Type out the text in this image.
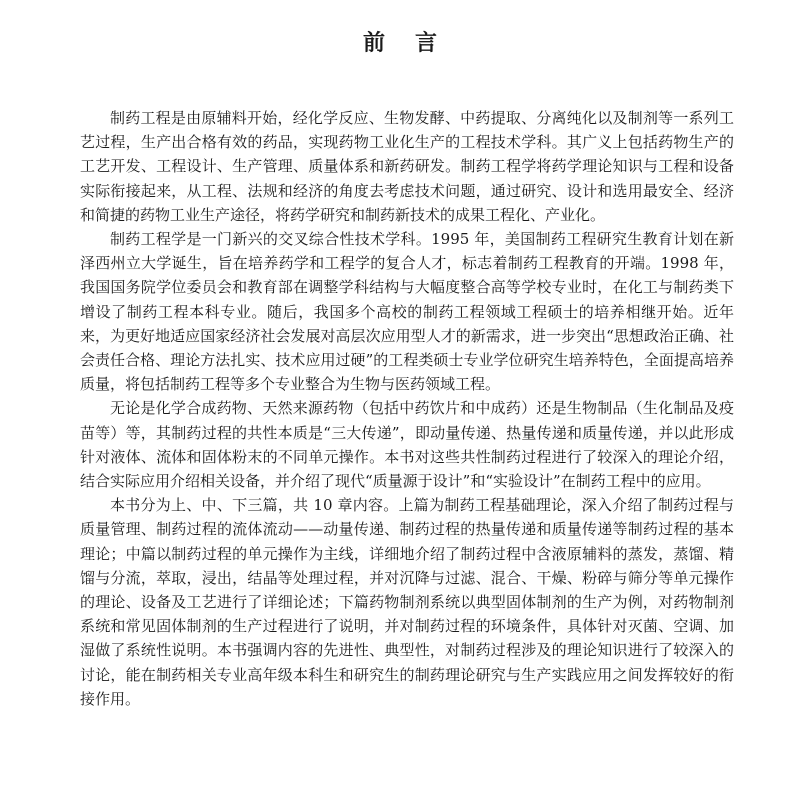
前言

制药工程是由原辅料开始，经化学反应、生物发酵、中药提取、分离纯化以及制剂等一系列工艺过程，生产出合格有效的药品，实现药物工业化生产的工程技术学科。其广义上包括药物生产的工艺开发、工程设计、生产管理、质量体系和新药研发。制药工程学将药学理论知识与工程和设备实际衔接起来，从工程、法规和经济的角度去考虑技术问题，通过研究、设计和选用最安全、经济和简捷的药物工业生产途径，将药学研究和制药新技术的成果工程化、产业化。

制药工程学是一门新兴的交叉综合性技术学科。1995 年，美国制药工程研究生教育计划在新泽西州立大学诞生，旨在培养药学和工程学的复合人才，标志着制药工程教育的开端。1998 年，我国国务院学位委员会和教育部在调整学科结构与大幅度整合高等学校专业时，在化工与制药类下增设了制药工程本科专业。随后，我国多个高校的制药工程领域工程硕士的培养相继开始。近年来，为更好地适应国家经济社会发展对高层次应用型人才的新需求，进一步突出“思想政治正确、社会责任合格、理论方法扎实、技术应用过硬”的工程类硕士专业学位研究生培养特色，全面提高培养质量，将包括制药工程等多个专业整合为生物与医药领域工程。

无论是化学合成药物、天然来源药物（包括中药饮片和中成药）还是生物制品（生化制品及疫苗等）等，其制药过程的共性本质是“三大传递”，即动量传递、热量传递和质量传递，并以此形成针对液体、流体和固体粉末的不同单元操作。本书对这些共性制药过程进行了较深入的理论介绍，结合实际应用介绍相关设备，并介绍了现代“质量源于设计”和“实验设计”在制药工程中的应用。

本书分为上、中、下三篇，共 10 章内容。上篇为制药工程基础理论，深入介绍了制药过程与质量管理、制药过程的流体流动——动量传递、制药过程的热量传递和质量传递等制药过程的基本理论；中篇以制药过程的单元操作为主线，详细地介绍了制药过程中含液原辅料的蒸发，蒸馏、精馏与分流，萃取，浸出，结晶等处理过程，并对沉降与过滤、混合、干燥、粉碎与筛分等单元操作的理论、设备及工艺进行了详细论述；下篇药物制剂系统以典型固体制剂的生产为例，对药物制剂系统和常见固体制剂的生产过程进行了说明，并对制药过程的环境条件，具体针对灭菌、空调、加湿做了系统性说明。本书强调内容的先进性、典型性，对制药过程涉及的理论知识进行了较深入的讨论，能在制药相关专业高年级本科生和研究生的制药理论研究与生产实践应用之间发挥较好的衔接作用。
